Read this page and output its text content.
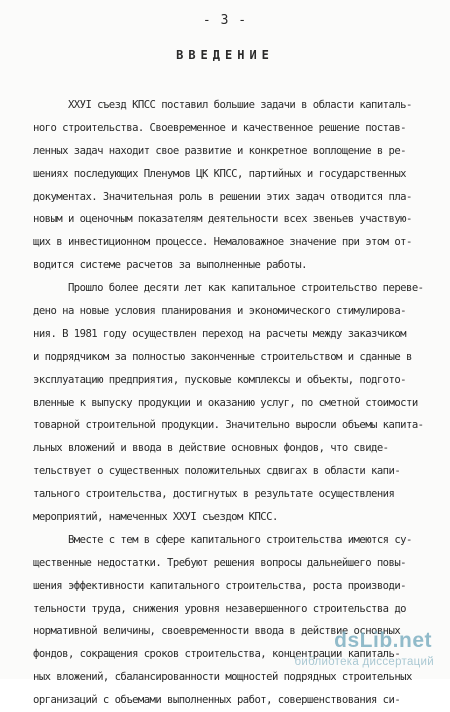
- 3 -
ВВЕДЕНИЕ
ХХУI съезд КПСС поставил большие задачи в области капиталь-
ного строительства. Своевременное и качественное решение постав-
ленных задач находит свое развитие и конкретное воплощение в ре-
шениях последующих Пленумов ЦК КПСС, партийных и государственных
документах. Значительная роль в решении этих задач отводится пла-
новым и оценочным показателям деятельности всех звеньев участвую-
щих в инвестиционном процессе. Немаловажное значение при этом от-
водится системе расчетов за выполненные работы.
Прошло более десяти лет как капитальное строительство переве-
дено на новые условия планирования и экономического стимулирова-
ния. В 1981 году осуществлен переход на расчеты между заказчиком
и подрядчиком за полностью законченные строительством и сданные в
эксплуатацию предприятия, пусковые комплексы и объекты, подгото-
вленные к выпуску продукции и оказанию услуг, по сметной стоимости
товарной строительной продукции. Значительно выросли объемы капита-
льных вложений и ввода в действие основных фондов, что свиде-
тельствует о существенных положительных сдвигах в области капи-
тального строительства, достигнутых в результате осуществления
мероприятий, намеченных ХХУI съездом КПСС.
Вместе с тем в сфере капитального строительства имеются су-
щественные недостатки. Требуют решения вопросы дальнейшего повы-
шения эффективности капитального строительства, роста производи-
тельности труда, снижения уровня незавершенного строительства до
нормативной величины, своевременности ввода в действие основных
фондов, сокращения сроков строительства, концентрации капиталь-
ных вложений, сбалансированности мощностей подрядных строительных
организаций с объемами выполненных работ, совершенствования си-
dsLib.net
библиотека диссертаций
